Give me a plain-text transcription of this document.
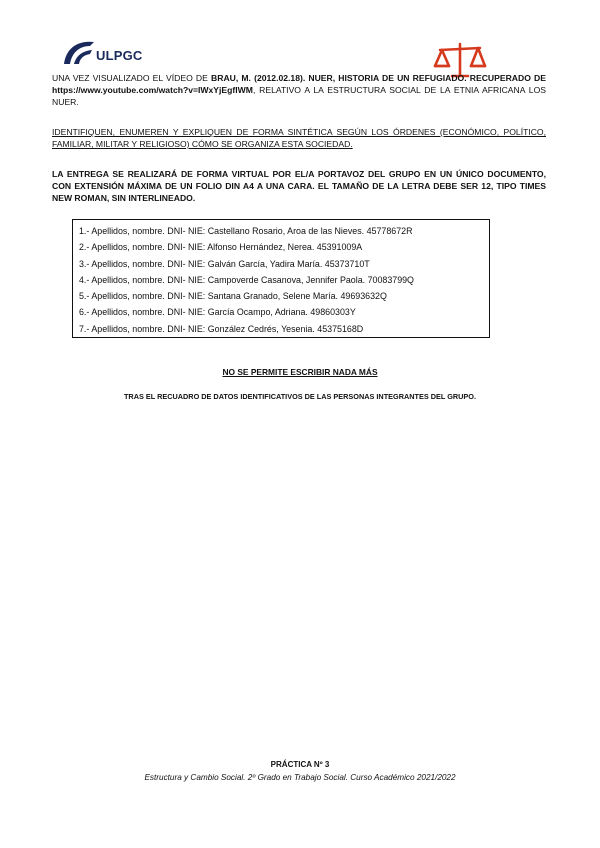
ULPGC
UNA VEZ VISUALIZADO EL VÍDEO DE BRAU, M. (2012.02.18). NUER, HISTORIA DE UN REFUGIADO. RECUPERADO DE https://www.youtube.com/watch?v=IWxYjEgflWM, RELATIVO A LA ESTRUCTURA SOCIAL DE LA ETNIA AFRICANA LOS NUER.
IDENTIFIQUEN, ENUMEREN Y EXPLIQUEN DE FORMA SINTÉTICA SEGÚN LOS ÓRDENES (ECONÓMICO, POLÍTICO, FAMILIAR, MILITAR Y RELIGIOSO) CÓMO SE ORGANIZA ESTA SOCIEDAD.
LA ENTREGA SE REALIZARÁ DE FORMA VIRTUAL POR EL/A PORTAVOZ DEL GRUPO EN UN ÚNICO DOCUMENTO, CON EXTENSIÓN MÁXIMA DE UN FOLIO DIN A4 A UNA CARA. EL TAMAÑO DE LA LETRA DEBE SER 12, TIPO TIMES NEW ROMAN, SIN INTERLINEADO.
1.- Apellidos, nombre. DNI- NIE: Castellano Rosario, Aroa de las Nieves. 45778672R
2.- Apellidos, nombre. DNI- NIE: Alfonso Hernández, Nerea. 45391009A
3.- Apellidos, nombre. DNI- NIE: Galván García, Yadira María. 45373710T
4.- Apellidos, nombre. DNI- NIE: Campoverde Casanova, Jennifer Paola. 70083799Q
5.- Apellidos, nombre. DNI- NIE: Santana Granado, Selene María. 49693632Q
6.- Apellidos, nombre. DNI- NIE: García Ocampo, Adriana. 49860303Y
7.- Apellidos, nombre. DNI- NIE: González Cedrés, Yesenia. 45375168D
NO SE PERMITE ESCRIBIR NADA MÁS
TRAS EL RECUADRO DE DATOS IDENTIFICATIVOS DE LAS PERSONAS INTEGRANTES DEL GRUPO.
PRÁCTICA Nº 3
Estructura y Cambio Social. 2º Grado en Trabajo Social. Curso Académico 2021/2022
